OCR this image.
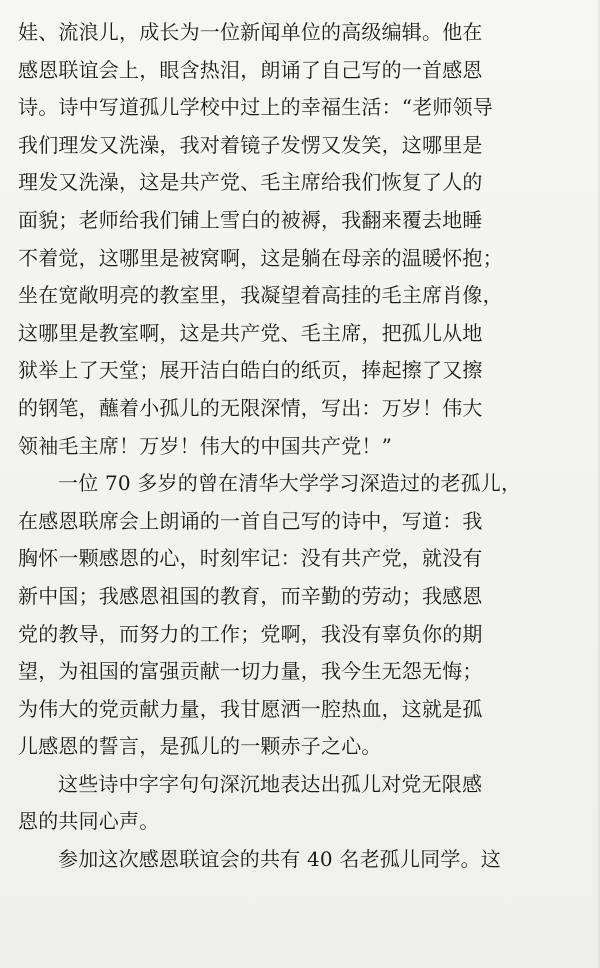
娃、流浪儿，成长为一位新闻单位的高级编辑。他在
感恩联谊会上，眼含热泪，朗诵了自己写的一首感恩
诗。诗中写道孤儿学校中过上的幸福生活：“老师领导
我们理发又洗澡，我对着镜子发愣又发笑，这哪里是
理发又洗澡，这是共产党、毛主席给我们恢复了人的
面貌；老师给我们铺上雪白的被褥，我翻来覆去地睡
不着觉，这哪里是被窝啊，这是躺在母亲的温暖怀抱；
坐在宽敞明亮的教室里，我凝望着高挂的毛主席肖像，
这哪里是教室啊，这是共产党、毛主席，把孤儿从地
狱举上了天堂；展开洁白皓白的纸页，捧起擦了又擦
的钢笔，蘸着小孤儿的无限深情，写出：万岁！伟大
领袖毛主席！万岁！伟大的中国共产党！”
一位 70 多岁的曾在清华大学学习深造过的老孤儿，
在感恩联席会上朗诵的一首自己写的诗中，写道：我
胸怀一颗感恩的心，时刻牢记：没有共产党，就没有
新中国；我感恩祖国的教育，而辛勤的劳动；我感恩
党的教导，而努力的工作；党啊，我没有辜负你的期
望，为祖国的富强贡献一切力量，我今生无怨无悔；
为伟大的党贡献力量，我甘愿洒一腔热血，这就是孤
儿感恩的誓言，是孤儿的一颗赤子之心。
这些诗中字字句句深沉地表达出孤儿对党无限感
恩的共同心声。
参加这次感恩联谊会的共有 40 名老孤儿同学。这
